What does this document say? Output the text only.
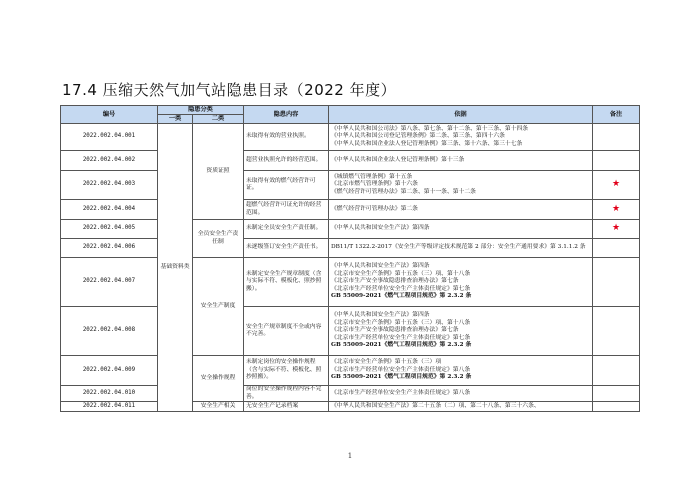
17.4 压缩天然气加气站隐患目录（2022 年度）
编号	隐患分类		隐患内容	依据	备注
	一类	二类			
2022.002.04.001	基础资料类	资质证照	未取得有效的营业执照。	《中华人民共和国公司法》第八条、第七条、第十二条、第十三条、第十四条
《中华人民共和国公司登记管理条例》第二条、第三条、第四十六条
《中华人民共和国企业法人登记管理条例》第三条、第十六条、第三十七条	

2022.002.04.002			超营业执照允许的经营范围。	《中华人民共和国企业法人登记管理条例》第十三条	

2022.002.04.003			未取得有效的燃气经营许可证。	《城镇燃气管理条例》第十五条
《北京市燃气管理条例》第十六条
《燃气经营许可管理办法》第二条、第十一条、第十二条	★
2022.002.04.004			超燃气经营许可证允许的经营范围。	《燃气经营许可管理办法》第二条	★
2022.002.04.005		全员安全生产责任制	未制定全员安全生产责任制。	《中华人民共和国安全生产法》第四条	★
2022.002.04.006			未逐级签订安全生产责任书。	DB11/T 1322.2-2017《安全生产等级评定技术规范第 2 部分：安全生产通用要求》第 3.1.1.2 条	

2022.002.04.007		安全生产制度	未制定安全生产规章制度（含与实际不符、模板化、照抄照搬）。	《中华人民共和国安全生产法》第四条
《北京市安全生产条例》第十五条（三）项、第十八条
《北京市生产安全事故隐患排查治理办法》第七条
《北京市生产经营单位安全生产主体责任规定》第七条
GB 55009-2021《燃气工程项目规范》第 2.3.2 条	

2022.002.04.008			安全生产规章制度不全或内容不完善。	《中华人民共和国安全生产法》第四条
《北京市安全生产条例》第十五条（三）项、第十八条
《北京市生产安全事故隐患排查治理办法》第七条
《北京市生产经营单位安全生产主体责任规定》第七条
GB 55009-2021《燃气工程项目规范》第 2.3.2 条	

2022.002.04.009		安全操作规程	未制定岗位的安全操作规程（含与实际不符、模板化、照抄照搬）。	《北京市安全生产条例》第十五条（三）项
《北京市生产经营单位安全生产主体责任规定》第八条
GB 55009-2021《燃气工程项目规范》第 2.3.2 条	

2022.002.04.010			岗位的安全操作规程内容不完善。	《北京市生产经营单位安全生产主体责任规定》第八条	

2022.002.04.011		安全生产相关	无安全生产记录档案	《中华人民共和国安全生产法》第二十五条（二）项、第二十八条、第三十六条、	

1
